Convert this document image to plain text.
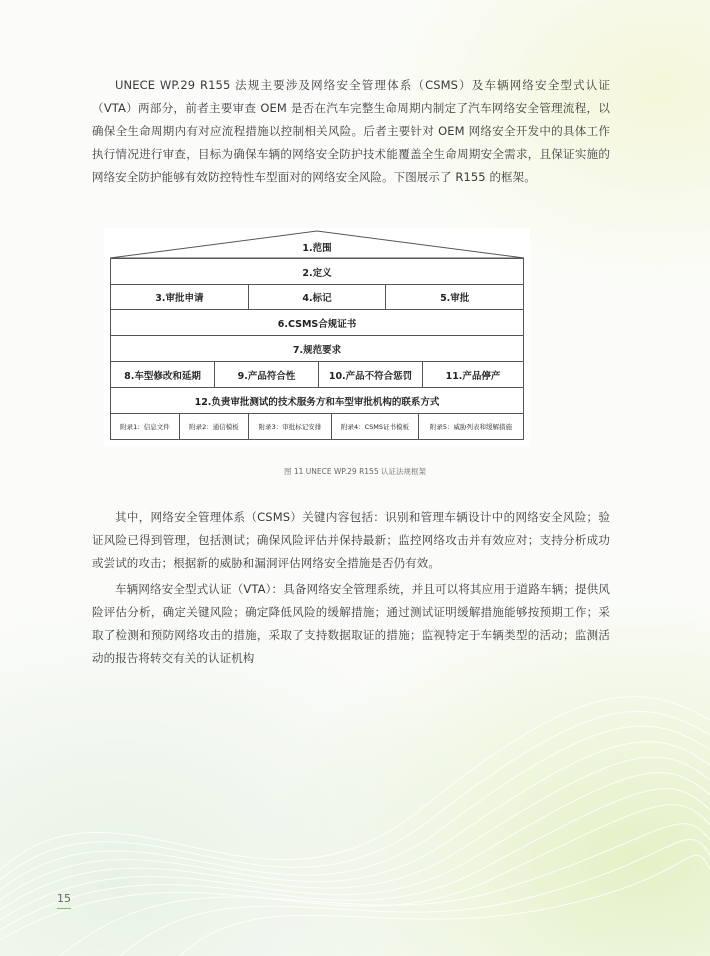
UNECE WP.29 R155 法规主要涉及网络安全管理体系（CSMS）及车辆网络安全型式认证（VTA）两部分，前者主要审查 OEM 是否在汽车完整生命周期内制定了汽车网络安全管理流程，以确保全生命周期内有对应流程措施以控制相关风险。后者主要针对 OEM 网络安全开发中的具体工作执行情况进行审查，目标为确保车辆的网络安全防护技术能覆盖全生命周期安全需求，且保证实施的网络安全防护能够有效防控特性车型面对的网络安全风险。下图展示了 R155 的框架。

1.范围
2.定义
3.审批申请	4.标记	5.审批
6.CSMS合规证书
7.规范要求
8.车型修改和延期	9.产品符合性	10.产品不符合惩罚	11.产品停产
12.负责审批测试的技术服务方和车型审批机构的联系方式
附录1：信息文件	附录2：通信模板	附录3：审批标记安排	附录4：CSMS证书模板	附录5：威胁列表和缓解措施
图 11 UNECE WP.29 R155 认证法规框架

其中，网络安全管理体系（CSMS）关键内容包括：识别和管理车辆设计中的网络安全风险；验证风险已得到管理，包括测试；确保风险评估并保持最新；监控网络攻击并有效应对；支持分析成功或尝试的攻击；根据新的威胁和漏洞评估网络安全措施是否仍有效。

车辆网络安全型式认证（VTA）：具备网络安全管理系统，并且可以将其应用于道路车辆；提供风险评估分析，确定关键风险；确定降低风险的缓解措施；通过测试证明缓解措施能够按预期工作；采取了检测和预防网络攻击的措施，采取了支持数据取证的措施；监视特定于车辆类型的活动；监测活动的报告将转交有关的认证机构

15
